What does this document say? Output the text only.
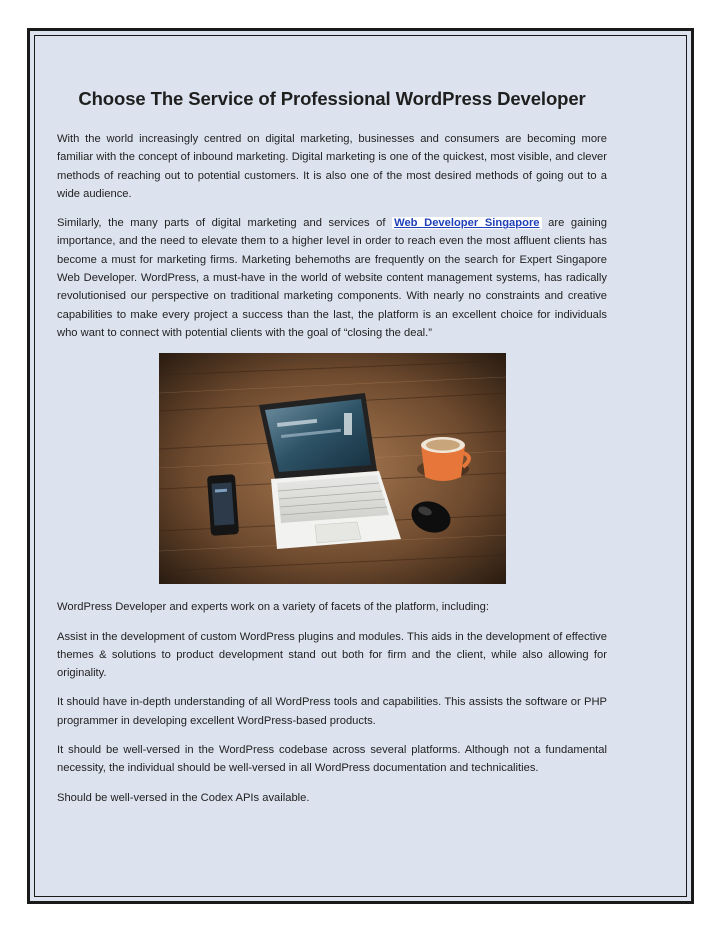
Choose The Service of Professional WordPress Developer

With the world increasingly centred on digital marketing, businesses and consumers are becoming more familiar with the concept of inbound marketing. Digital marketing is one of the quickest, most visible, and clever methods of reaching out to potential customers. It is also one of the most desired methods of going out to a wide audience.

Similarly, the many parts of digital marketing and services of Web Developer Singapore are gaining importance, and the need to elevate them to a higher level in order to reach even the most affluent clients has become a must for marketing firms. Marketing behemoths are frequently on the search for Expert Singapore Web Developer. WordPress, a must-have in the world of website content management systems, has radically revolutionised our perspective on traditional marketing components. With nearly no constraints and creative capabilities to make every project a success than the last, the platform is an excellent choice for individuals who want to connect with potential clients with the goal of “closing the deal.”

WordPress Developer and experts work on a variety of facets of the platform, including:

Assist in the development of custom WordPress plugins and modules. This aids in the development of effective themes & solutions to product development stand out both for firm and the client, while also allowing for originality.

It should have in-depth understanding of all WordPress tools and capabilities. This assists the software or PHP programmer in developing excellent WordPress-based products.

It should be well-versed in the WordPress codebase across several platforms. Although not a fundamental necessity, the individual should be well-versed in all WordPress documentation and technicalities.

Should be well-versed in the Codex APIs available.
